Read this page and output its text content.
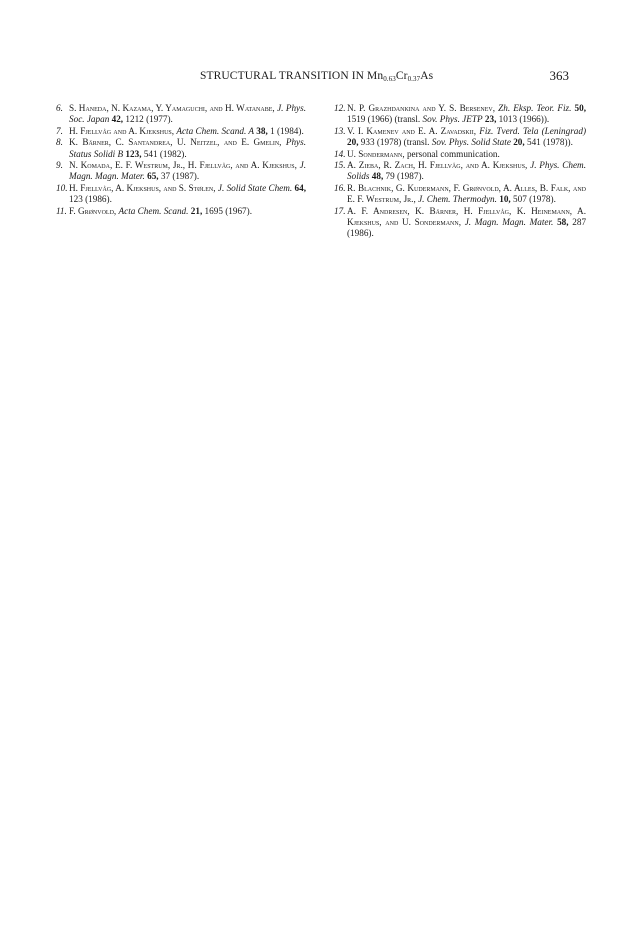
STRUCTURAL TRANSITION IN $Mn_{0.63}Cr_{0.37}As$	363
6. S. Haneda, N. Kazama, Y. Yamaguchi, and H. Watanabe, J. Phys. Soc. Japan 42, 1212 (1977).
7. H. Fjellvåg and A. Kjekshus, Acta Chem. Scand. A 38, 1 (1984).
8. K. Bärner, C. Santandrea, U. Neitzel, and E. Gmelin, Phys. Status Solidi B 123, 541 (1982).
9. N. Komada, E. F. Westrum, Jr., H. Fjellvåg, and A. Kjekshus, J. Magn. Magn. Mater. 65, 37 (1987).
10. H. Fjellvåg, A. Kjekshus, and S. Stølen, J. Solid State Chem. 64, 123 (1986).
11. F. Grønvold, Acta Chem. Scand. 21, 1695 (1967).
12. N. P. Grazhdankina and Y. S. Bersenev, Zh. Eksp. Teor. Fiz. 50, 1519 (1966) (transl. Sov. Phys. JETP 23, 1013 (1966)).
13. V. I. Kamenev and E. A. Zavadskii, Fiz. Tverd. Tela (Leningrad) 20, 933 (1978) (transl. Sov. Phys. Solid State 20, 541 (1978)).
14. U. Sondermann, personal communication.
15. A. Zieba, R. Zach, H. Fjellvåg, and A. Kjekshus, J. Phys. Chem. Solids 48, 79 (1987).
16. R. Blachnik, G. Kudermann, F. Grønvold, A. Alles, B. Falk, and E. F. Westrum, Jr., J. Chem. Thermodyn. 10, 507 (1978).
17. A. F. Andresen, K. Bärner, H. Fjellvåg, K. Heinemann, A. Kjekshus, and U. Sondermann, J. Magn. Magn. Mater. 58, 287 (1986).
